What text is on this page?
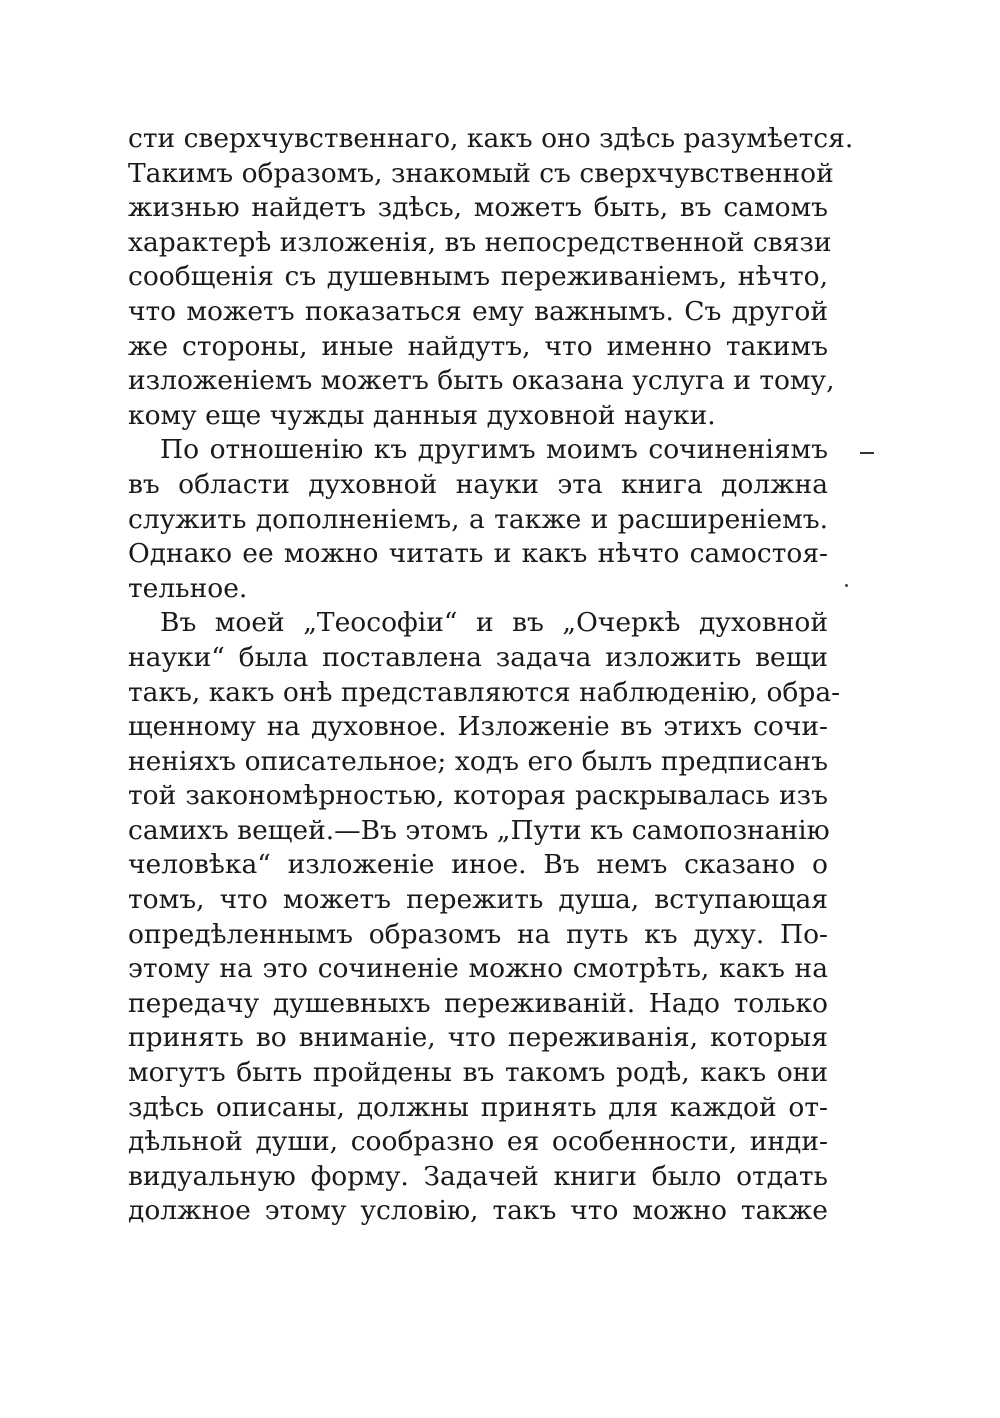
сти сверхчувственнаго, какъ оно здѣсь разумѣется.
Такимъ образомъ, знакомый съ сверхчувственной
жизнью найдетъ здѣсь, можетъ быть, въ самомъ
характерѣ изложенія, въ непосредственной связи
сообщенія съ душевнымъ переживаніемъ, нѣчто,
что можетъ показаться ему важнымъ. Съ другой
же стороны, иные найдутъ, что именно такимъ
изложеніемъ можетъ быть оказана услуга и тому,
кому еще чужды данныя духовной науки.
По отношенію къ другимъ моимъ сочиненіямъ
въ области духовной науки эта книга должна
служить дополненіемъ, а также и расширеніемъ.
Однако ее можно читать и какъ нѣчто самостоя-
тельное.
Въ моей „Теософіи“ и въ „Очеркѣ духовной
науки“ была поставлена задача изложить вещи
такъ, какъ онѣ представляются наблюденію, обра-
щенному на духовное. Изложеніе въ этихъ сочи-
неніяхъ описательное; ходъ его былъ предписанъ
той закономѣрностью, которая раскрывалась изъ
самихъ вещей.—Въ этомъ „Пути къ самопознанію
человѣка“ изложеніе иное. Въ немъ сказано о
томъ, что можетъ пережить душа, вступающая
опредѣленнымъ образомъ на путь къ духу. По-
этому на это сочиненіе можно смотрѣть, какъ на
передачу душевныхъ переживаній. Надо только
принять во вниманіе, что переживанія, которыя
могутъ быть пройдены въ такомъ родѣ, какъ они
здѣсь описаны, должны принять для каждой от-
дѣльной души, сообразно ея особенности, инди-
видуальную форму. Задачей книги было отдать
должное этому условію, такъ что можно также
